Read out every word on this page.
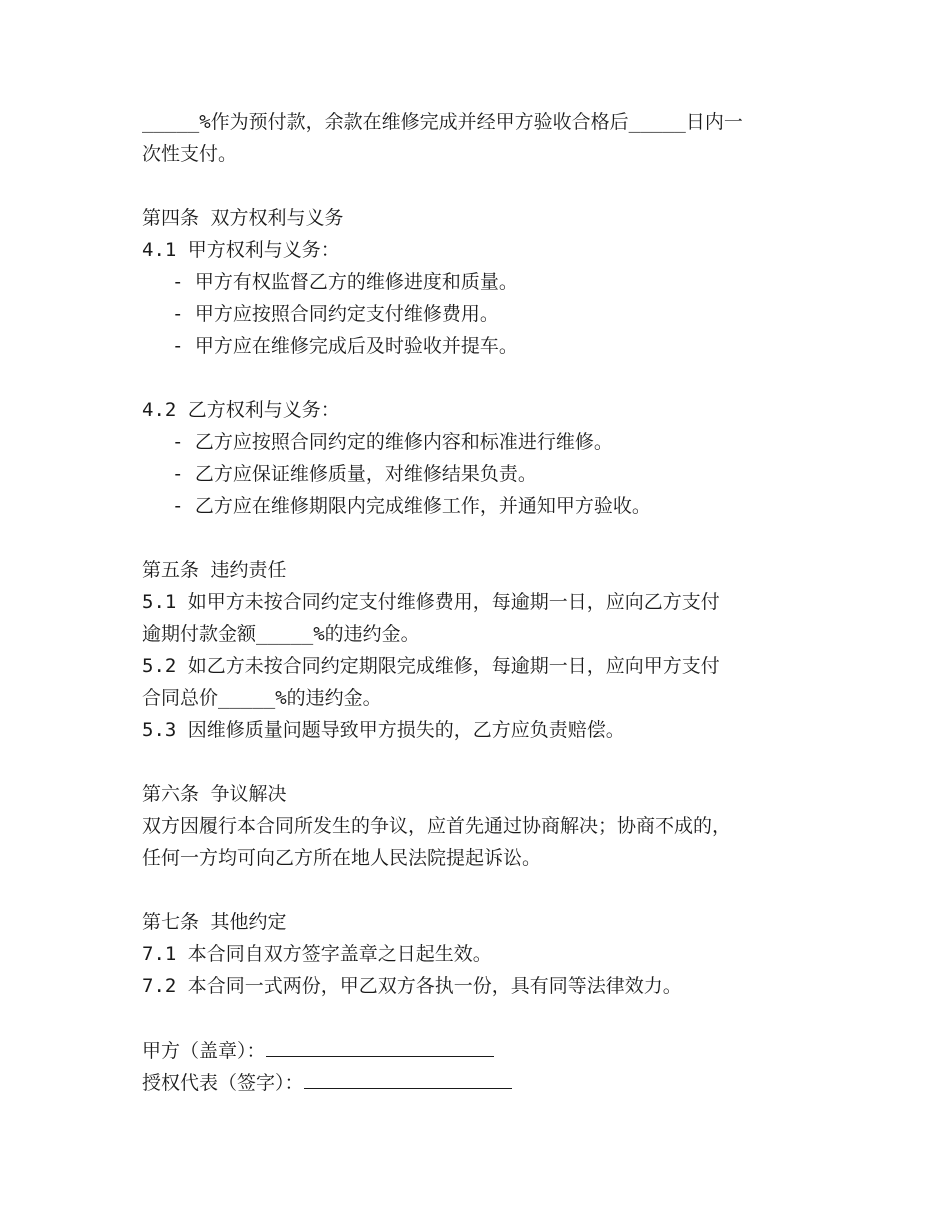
_____%作为预付款，余款在维修完成并经甲方验收合格后_____日内一
次性支付。
第四条 双方权利与义务
4.1 甲方权利与义务：
- 甲方有权监督乙方的维修进度和质量。
- 甲方应按照合同约定支付维修费用。
- 甲方应在维修完成后及时验收并提车。
4.2 乙方权利与义务：
- 乙方应按照合同约定的维修内容和标准进行维修。
- 乙方应保证维修质量，对维修结果负责。
- 乙方应在维修期限内完成维修工作，并通知甲方验收。
第五条 违约责任
5.1 如甲方未按合同约定支付维修费用，每逾期一日，应向乙方支付
逾期付款金额_____%的违约金。
5.2 如乙方未按合同约定期限完成维修，每逾期一日，应向甲方支付
合同总价_____%的违约金。
5.3 因维修质量问题导致甲方损失的，乙方应负责赔偿。
第六条 争议解决
双方因履行本合同所发生的争议，应首先通过协商解决；协商不成的，
任何一方均可向乙方所在地人民法院提起诉讼。
第七条 其他约定
7.1 本合同自双方签字盖章之日起生效。
7.2 本合同一式两份，甲乙双方各执一份，具有同等法律效力。
甲方（盖章）：
授权代表（签字）：
